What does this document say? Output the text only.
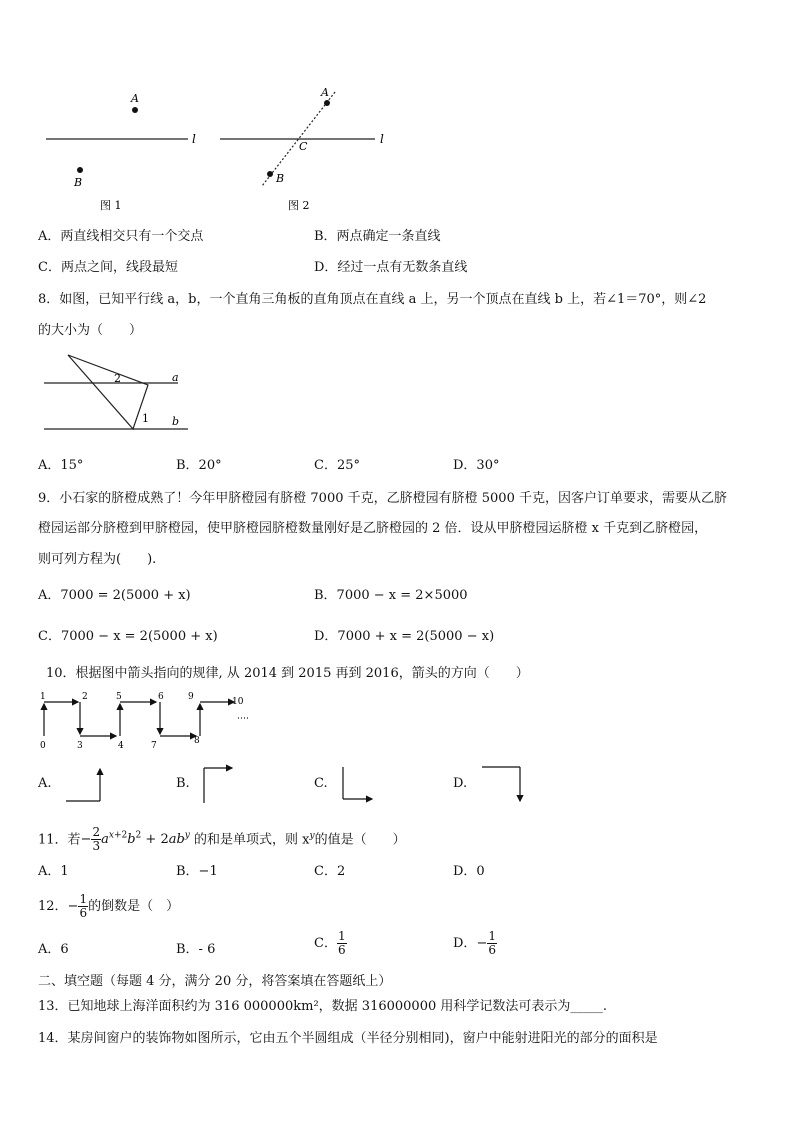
l
A
B
图 1
l
A
B
C
图 2
A．两直线相交只有一个交点	B．两点确定一条直线
C．两点之间，线段最短	D．经过一点有无数条直线
8．如图，已知平行线 a，b，一个直角三角板的直角顶点在直线 a 上，另一个顶点在直线 b 上，若∠1＝70°，则∠2
的大小为（　　）
a
b
2
1
A．15°	B．20°	C．25°	D．30°
9．小石家的脐橙成熟了！今年甲脐橙园有脐橙 7000 千克，乙脐橙园有脐橙 5000 千克，因客户订单要求，需要从乙脐
橙园运部分脐橙到甲脐橙园，使甲脐橙园脐橙数量刚好是乙脐橙园的 2 倍．设从甲脐橙园运脐橙 x 千克到乙脐橙园，
则可列方程为(　　).
A．7000 = 2(5000 + x)	B．7000 − x = 2×5000
C．7000 − x = 2(5000 + x)	D．7000 + x = 2(5000 − x)
10．根据图中箭头指向的规律, 从 2014 到 2015 再到 2016，箭头的方向（　　）
0
1	2
3	4
5	6
7	8
9	10
A.	B.	C.	D.
11．若− $\frac{2}{3} a^{x+2}b^2 + 2ab^y$ 的和是单项式，则 $x^y$的值是（　　）
A．1	B．−1	C．2	D．0
12．− $\frac{1}{6}$ 的倒数是（　）
A．6	B．- 6	C． $\frac{1}{6}$	D．− $\frac{1}{6}$
二、填空题（每题 4 分，满分 20 分，将答案填在答题纸上）
13．已知地球上海洋面积约为 316 000000km²，数据 316000000 用科学记数法可表示为_____.
14．某房间窗户的装饰物如图所示，它由五个半圆组成（半径分别相同)，窗户中能射进阳光的部分的面积是
